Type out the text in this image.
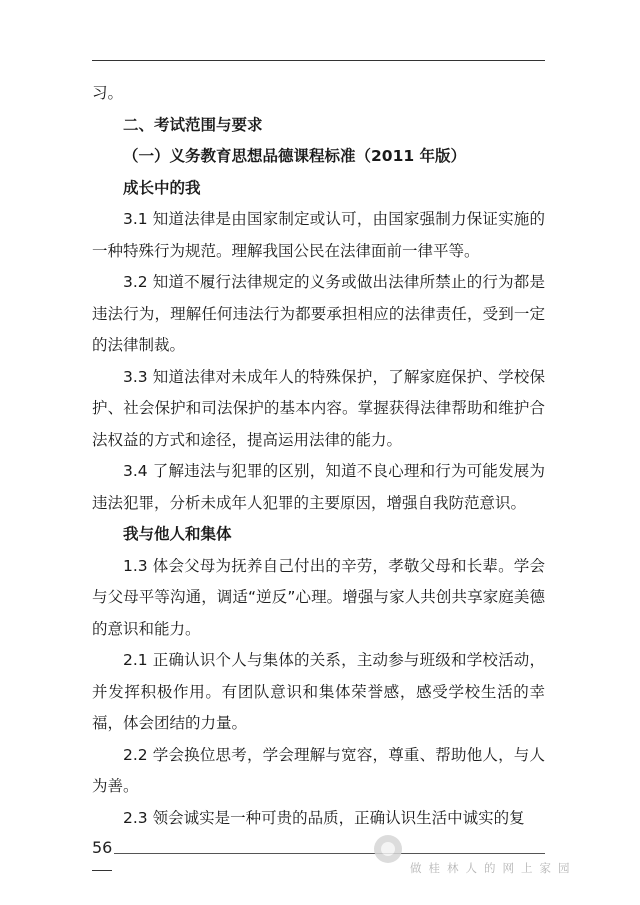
习。

二、考试范围与要求

（一）义务教育思想品德课程标准（2011 年版）

成长中的我

3.1 知道法律是由国家制定或认可，由国家强制力保证实施的一种特殊行为规范。理解我国公民在法律面前一律平等。

3.2 知道不履行法律规定的义务或做出法律所禁止的行为都是违法行为，理解任何违法行为都要承担相应的法律责任，受到一定的法律制裁。

3.3 知道法律对未成年人的特殊保护，了解家庭保护、学校保护、社会保护和司法保护的基本内容。掌握获得法律帮助和维护合法权益的方式和途径，提高运用法律的能力。

3.4 了解违法与犯罪的区别，知道不良心理和行为可能发展为违法犯罪，分析未成年人犯罪的主要原因，增强自我防范意识。

我与他人和集体

1.3 体会父母为抚养自己付出的辛劳，孝敬父母和长辈。学会与父母平等沟通，调适“逆反”心理。增强与家人共创共享家庭美德的意识和能力。

2.1 正确认识个人与集体的关系，主动参与班级和学校活动，并发挥积极作用。有团队意识和集体荣誉感，感受学校生活的幸福，体会团结的力量。

2.2 学会换位思考，学会理解与宽容，尊重、帮助他人，与人为善。

2.3 领会诚实是一种可贵的品质，正确认识生活中诚实的复

56
做桂林人的网上家园
